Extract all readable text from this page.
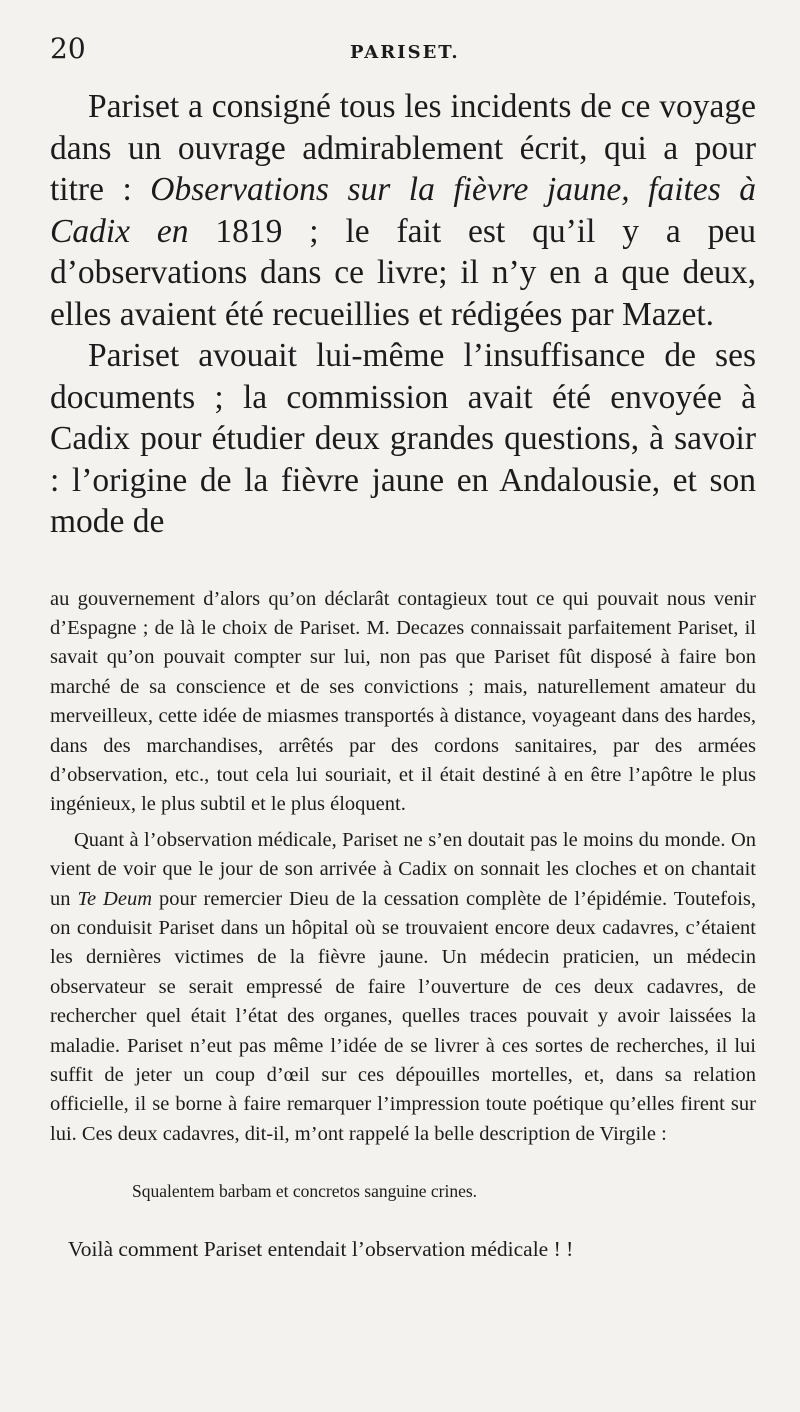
20	PARISET.

Pariset a consigné tous les incidents de ce voyage dans un ouvrage admirablement écrit, qui a pour titre : Observations sur la fièvre jaune, faites à Cadix en 1819 ; le fait est qu’il y a peu d’observations dans ce livre; il n’y en a que deux, elles avaient été recueillies et rédigées par Mazet.

Pariset avouait lui-même l’insuffisance de ses documents ; la commission avait été envoyée à Cadix pour étudier deux grandes questions, à savoir : l’origine de la fièvre jaune en Andalousie, et son mode de

au gouvernement d’alors qu’on déclarât contagieux tout ce qui pouvait nous venir d’Espagne ; de là le choix de Pariset. M. Decazes connaissait parfaitement Pariset, il savait qu’on pouvait compter sur lui, non pas que Pariset fût disposé à faire bon marché de sa conscience et de ses convictions ; mais, naturellement amateur du merveilleux, cette idée de miasmes transportés à distance, voyageant dans des hardes, dans des marchandises, arrêtés par des cordons sanitaires, par des armées d’observation, etc., tout cela lui souriait, et il était destiné à en être l’apôtre le plus ingénieux, le plus subtil et le plus éloquent.

Quant à l’observation médicale, Pariset ne s’en doutait pas le moins du monde. On vient de voir que le jour de son arrivée à Cadix on sonnait les cloches et on chantait un Te Deum pour remercier Dieu de la cessation complète de l’épidémie. Toutefois, on conduisit Pariset dans un hôpital où se trouvaient encore deux cadavres, c’étaient les dernières victimes de la fièvre jaune. Un médecin praticien, un médecin observateur se serait empressé de faire l’ouverture de ces deux cadavres, de rechercher quel était l’état des organes, quelles traces pouvait y avoir laissées la maladie. Pariset n’eut pas même l’idée de se livrer à ces sortes de recherches, il lui suffit de jeter un coup d’œil sur ces dépouilles mortelles, et, dans sa relation officielle, il se borne à faire remarquer l’impression toute poétique qu’elles firent sur lui. Ces deux cadavres, dit-il, m’ont rappelé la belle description de Virgile :

Squalentem barbam et concretos sanguine crines.
Voilà comment Pariset entendait l’observation médicale ! !
